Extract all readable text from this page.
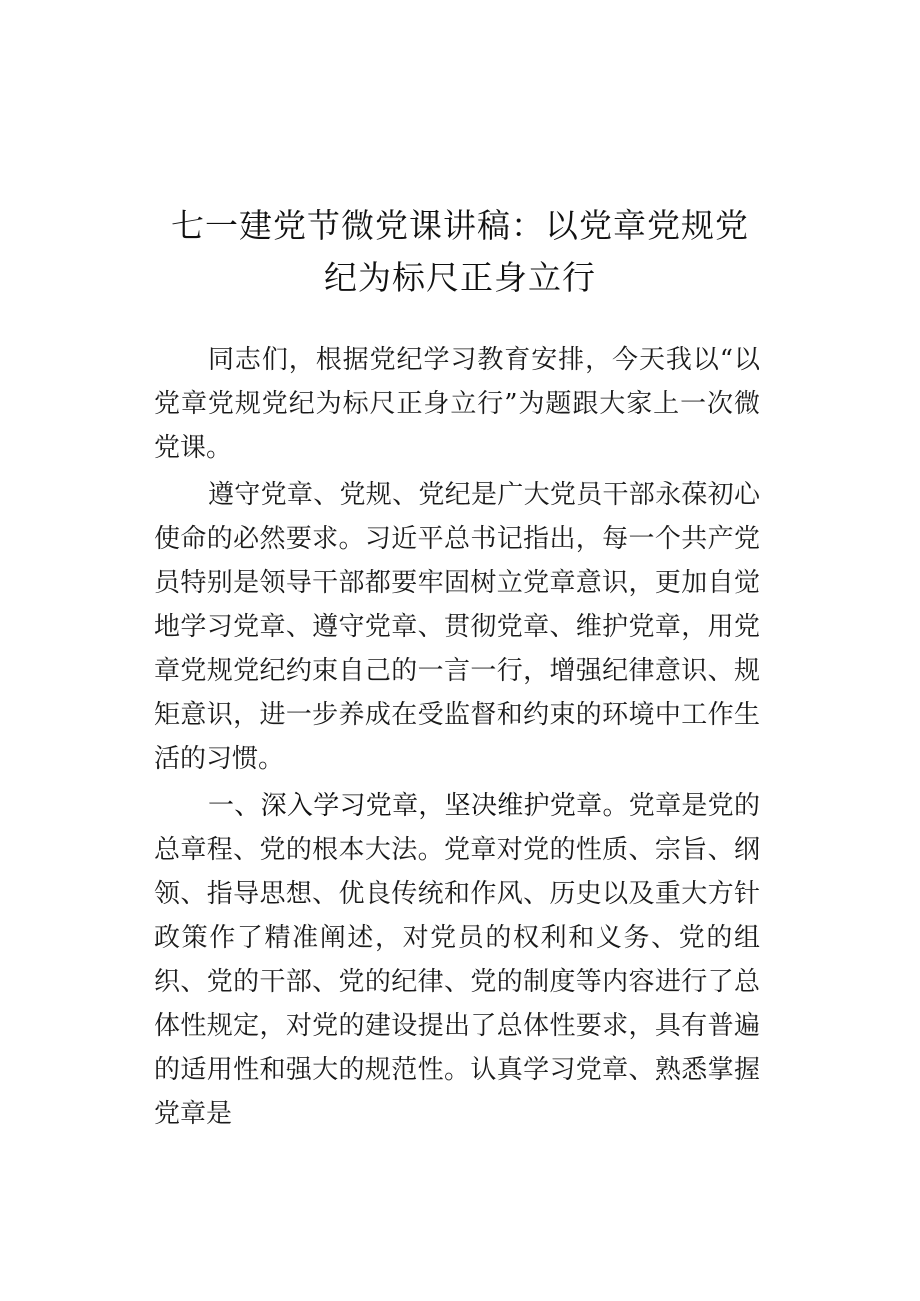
七一建党节微党课讲稿：以党章党规党
纪为标尺正身立行

同志们，根据党纪学习教育安排，今天我以“以党章党规党纪为标尺正身立行”为题跟大家上一次微党课。

遵守党章、党规、党纪是广大党员干部永葆初心使命的必然要求。习近平总书记指出，每一个共产党员特别是领导干部都要牢固树立党章意识，更加自觉地学习党章、遵守党章、贯彻党章、维护党章，用党章党规党纪约束自己的一言一行，增强纪律意识、规矩意识，进一步养成在受监督和约束的环境中工作生活的习惯。

一、深入学习党章，坚决维护党章。党章是党的总章程、党的根本大法。党章对党的性质、宗旨、纲领、指导思想、优良传统和作风、历史以及重大方针政策作了精准阐述，对党员的权利和义务、党的组织、党的干部、党的纪律、党的制度等内容进行了总体性规定，对党的建设提出了总体性要求，具有普遍的适用性和强大的规范性。认真学习党章、熟悉掌握党章是
